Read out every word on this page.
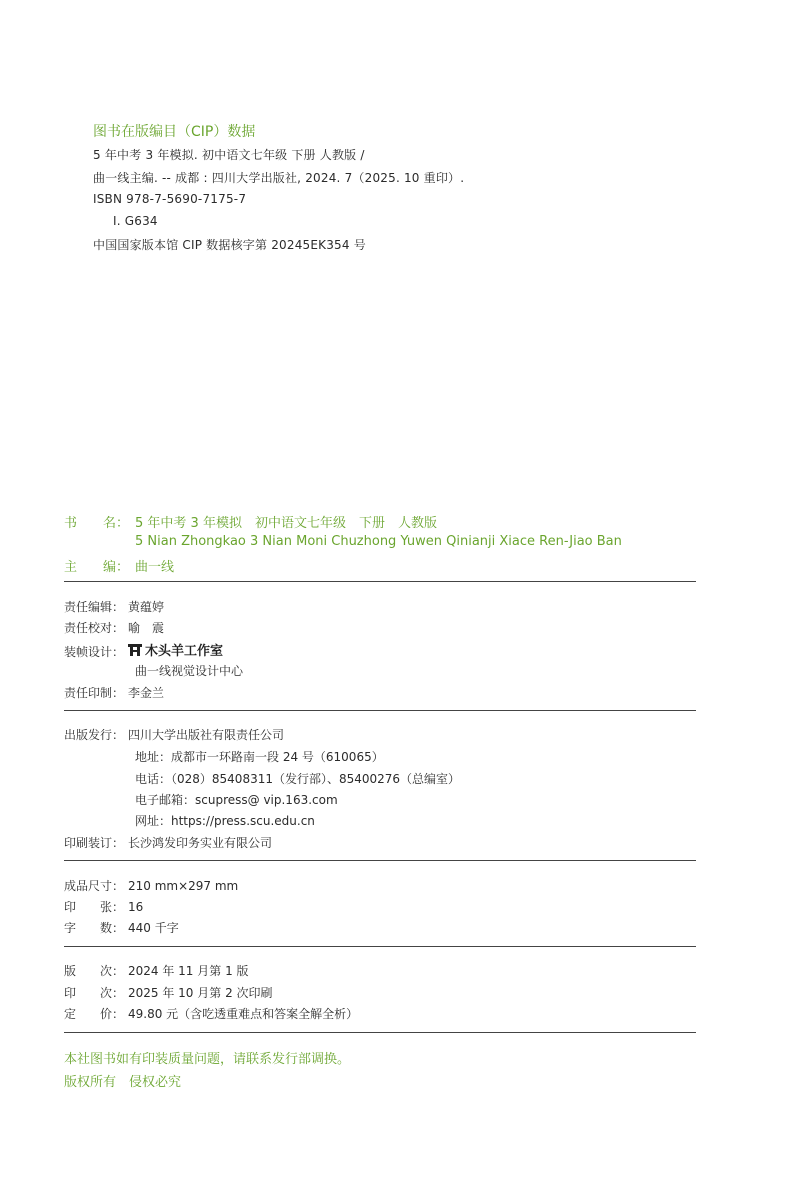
图书在版编目（CIP）数据
5 年中考 3 年模拟. 初中语文七年级 下册 人教版 /
曲一线主编. -- 成都 : 四川大学出版社, 2024. 7（2025. 10 重印）.
ISBN 978-7-5690-7175-7
Ⅰ. G634
中国国家版本馆 CIP 数据核字第 20245EK354 号
书　　名： 5 年中考 3 年模拟　初中语文七年级　下册　人教版
5 Nian Zhongkao 3 Nian Moni Chuzhong Yuwen Qinianji Xiace Ren-Jiao Ban
主　　编： 曲一线
责任编辑： 黄蕴婷
责任校对： 喻　震
装帧设计： 木头羊工作室
曲一线视觉设计中心
责任印制： 李金兰
出版发行： 四川大学出版社有限责任公司
地址：成都市一环路南一段 24 号（610065）
电话：（028）85408311（发行部）、85400276（总编室）
电子邮箱：scupress@ vip.163.com
网址：https://press.scu.edu.cn
印刷装订： 长沙鸿发印务实业有限公司
成品尺寸： 210 mm×297 mm
印　　张： 16
字　　数： 440 千字
版　　次： 2024 年 11 月第 1 版
印　　次： 2025 年 10 月第 2 次印刷
定　　价： 49.80 元（含吃透重难点和答案全解全析）
本社图书如有印装质量问题，请联系发行部调换。
版权所有　侵权必究
